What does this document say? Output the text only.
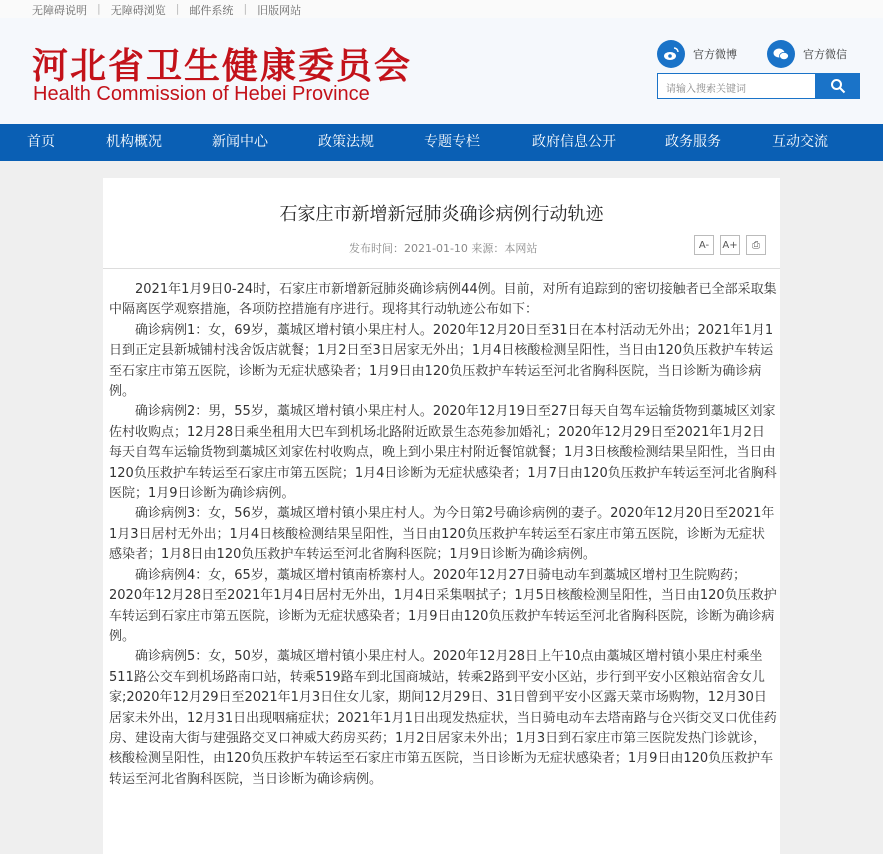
无障碍说明 | 无障碍浏览 | 邮件系统 | 旧版网站
河北省卫生健康委员会
Health Commission of Hebei Province
官方微博	官方微信
请输入搜索关键词
首页	机构概况	新闻中心	政策法规	专题专栏	政府信息公开	政务服务	互动交流
石家庄市新增新冠肺炎确诊病例行动轨迹
发布时间：2021-01-10 来源：本网站	A-	A+	⎙

2021年1月9日0-24时，石家庄市新增新冠肺炎确诊病例44例。目前，对所有追踪到的密切接触者已全部采取集中隔离医学观察措施，各项防控措施有序进行。现将其行动轨迹公布如下：

确诊病例1：女，69岁，藁城区增村镇小果庄村人。2020年12月20日至31日在本村活动无外出；2021年1月1日到正定县新城铺村浅舍饭店就餐；1月2日至3日居家无外出；1月4日核酸检测呈阳性，当日由120负压救护车转运至石家庄市第五医院，诊断为无症状感染者；1月9日由120负压救护车转运至河北省胸科医院，当日诊断为确诊病例。

确诊病例2：男，55岁，藁城区增村镇小果庄村人。2020年12月19日至27日每天自驾车运输货物到藁城区刘家佐村收购点；12月28日乘坐租用大巴车到机场北路附近欧景生态苑参加婚礼；2020年12月29日至2021年1月2日每天自驾车运输货物到藁城区刘家佐村收购点，晚上到小果庄村附近餐馆就餐；1月3日核酸检测结果呈阳性，当日由120负压救护车转运至石家庄市第五医院；1月4日诊断为无症状感染者；1月7日由120负压救护车转运至河北省胸科医院；1月9日诊断为确诊病例。

确诊病例3：女，56岁，藁城区增村镇小果庄村人。为今日第2号确诊病例的妻子。2020年12月20日至2021年1月3日居村无外出；1月4日核酸检测结果呈阳性，当日由120负压救护车转运至石家庄市第五医院，诊断为无症状感染者；1月8日由120负压救护车转运至河北省胸科医院；1月9日诊断为确诊病例。

确诊病例4：女，65岁，藁城区增村镇南桥寨村人。2020年12月27日骑电动车到藁城区增村卫生院购药；2020年12月28日至2021年1月4日居村无外出，1月4日采集咽拭子；1月5日核酸检测呈阳性，当日由120负压救护车转运到石家庄市第五医院，诊断为无症状感染者；1月9日由120负压救护车转运至河北省胸科医院，诊断为确诊病例。

确诊病例5：女，50岁，藁城区增村镇小果庄村人。2020年12月28日上午10点由藁城区增村镇小果庄村乘坐511路公交车到机场路南口站，转乘519路车到北国商城站，转乘2路到平安小区站，步行到平安小区粮站宿舍女儿家;2020年12月29日至2021年1月3日住女儿家，期间12月29日、31日曾到平安小区露天菜市场购物，12月30日居家未外出，12月31日出现咽痛症状；2021年1月1日出现发热症状，当日骑电动车去塔南路与仓兴街交叉口优佳药房、建设南大街与建强路交叉口神威大药房买药；1月2日居家未外出；1月3日到石家庄市第三医院发热门诊就诊，核酸检测呈阳性，由120负压救护车转运至石家庄市第五医院，当日诊断为无症状感染者；1月9日由120负压救护车转运至河北省胸科医院，当日诊断为确诊病例。
